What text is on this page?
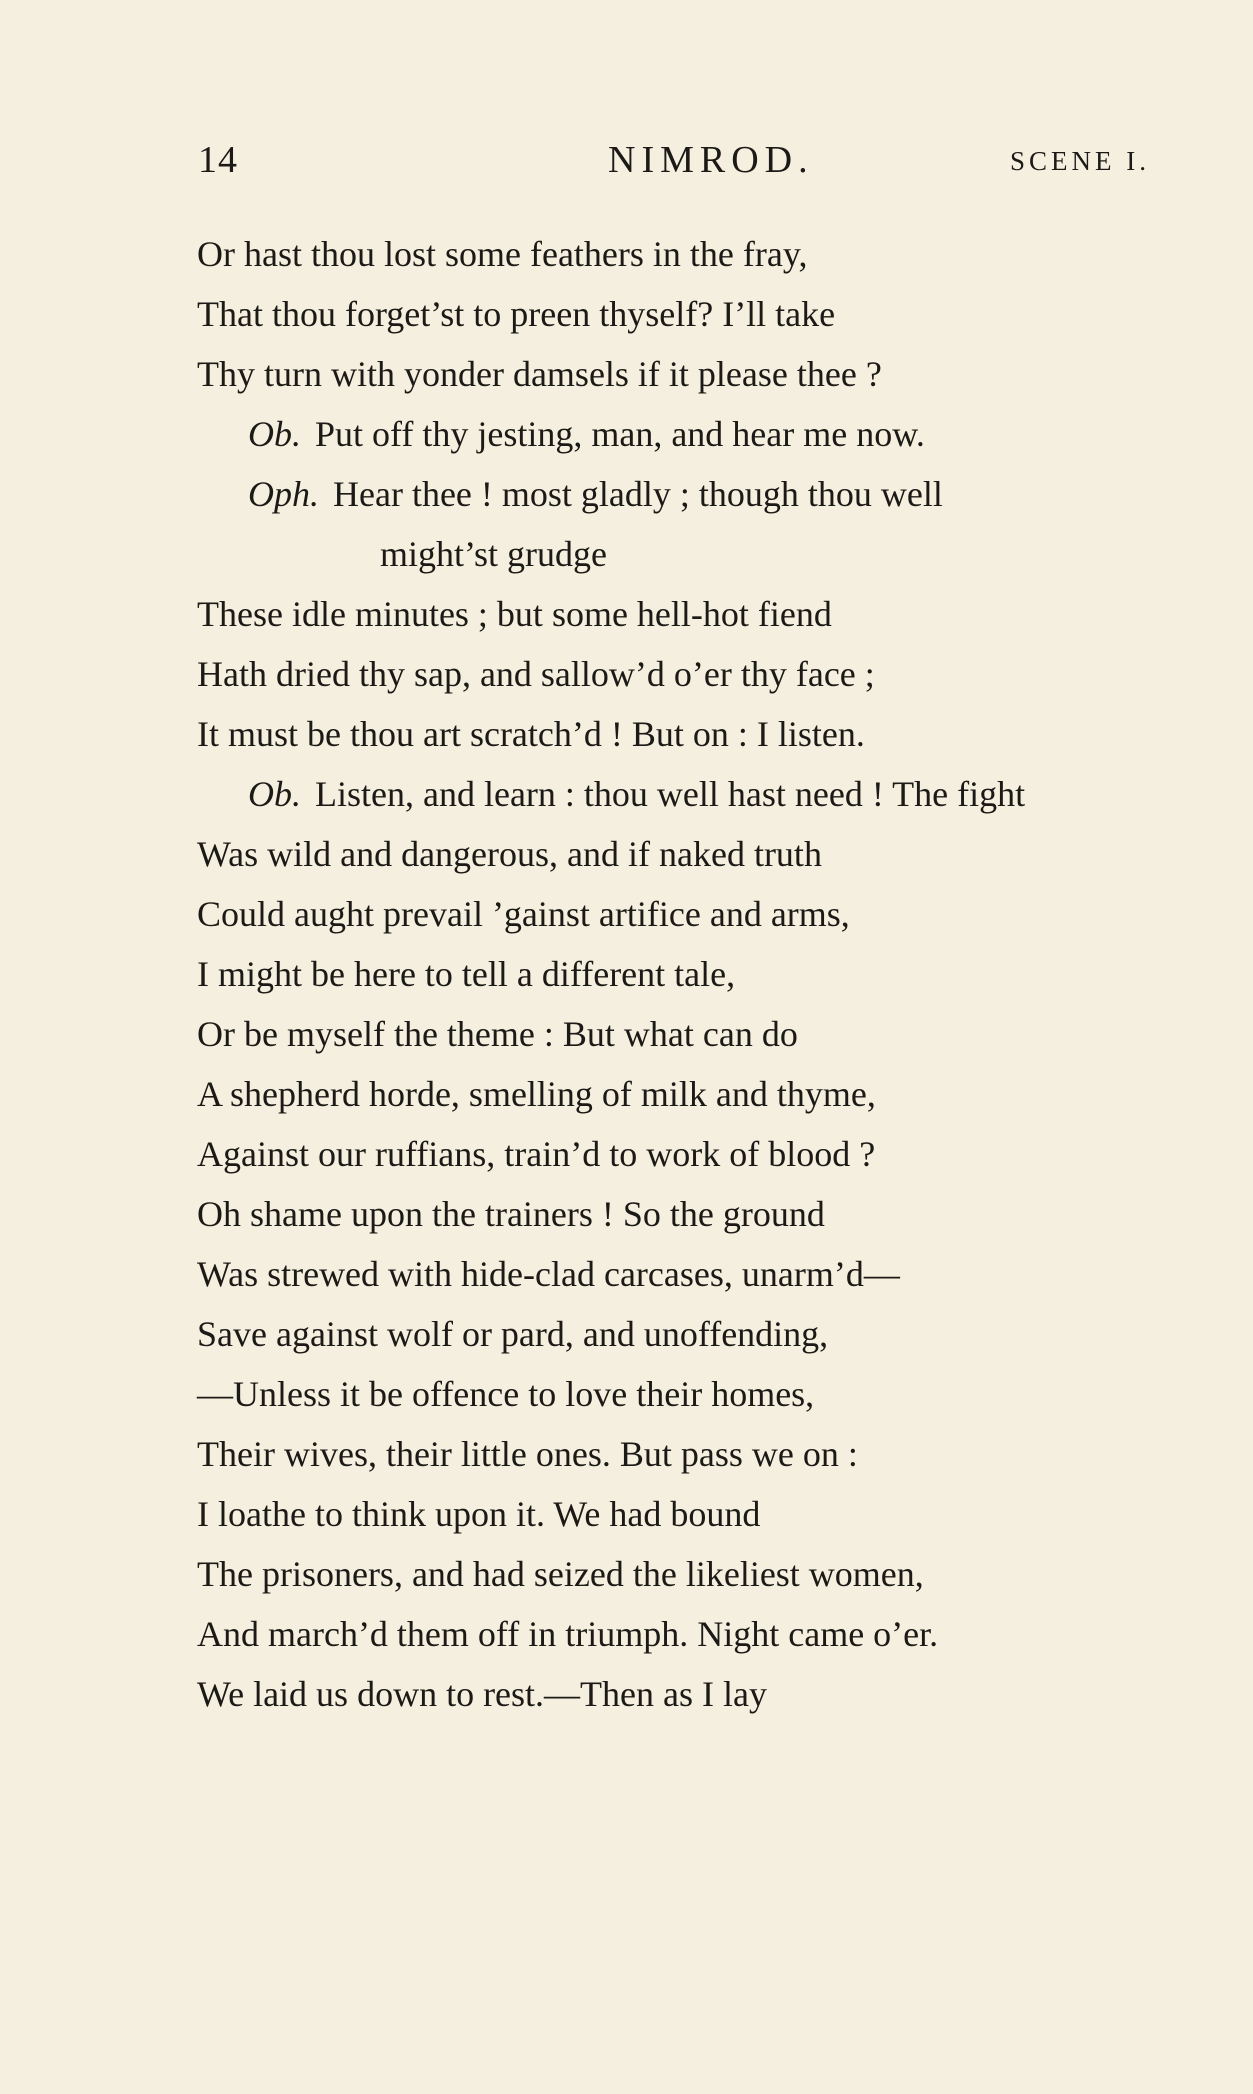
14	NIMROD.	SCENE I.
Or hast thou lost some feathers in the fray,
That thou forget’st to preen thyself? I’ll take
Thy turn with yonder damsels if it please thee ?
Ob. Put off thy jesting, man, and hear me now.
Oph. Hear thee ! most gladly ; though thou well
might’st grudge
These idle minutes ; but some hell-hot fiend
Hath dried thy sap, and sallow’d o’er thy face ;
It must be thou art scratch’d ! But on : I listen.
Ob. Listen, and learn : thou well hast need ! The fight
Was wild and dangerous, and if naked truth
Could aught prevail ’gainst artifice and arms,
I might be here to tell a different tale,
Or be myself the theme : But what can do
A shepherd horde, smelling of milk and thyme,
Against our ruffians, train’d to work of blood ?
Oh shame upon the trainers ! So the ground
Was strewed with hide-clad carcases, unarm’d—
Save against wolf or pard, and unoffending,
—Unless it be offence to love their homes,
Their wives, their little ones. But pass we on :
I loathe to think upon it. We had bound
The prisoners, and had seized the likeliest women,
And march’d them off in triumph. Night came o’er.
We laid us down to rest.—Then as I lay
